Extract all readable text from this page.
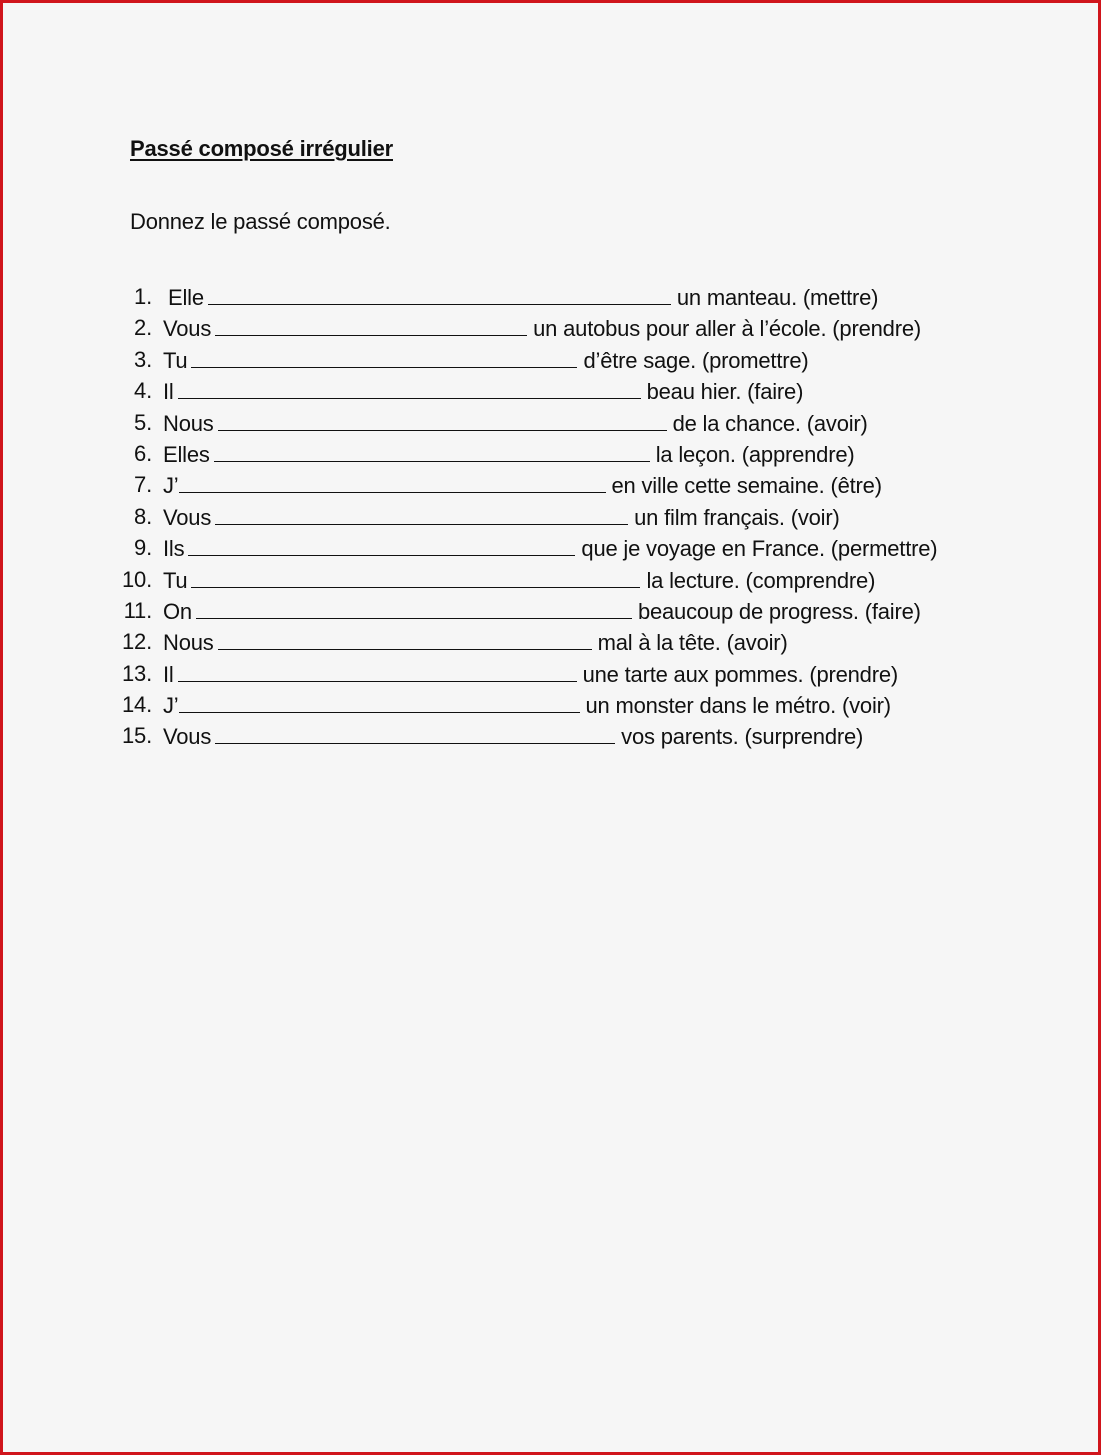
Passé composé irrégulier

Donnez le passé composé.

1. Elle	un manteau. (mettre)
2. Vous	un autobus pour aller à l’école. (prendre)
3. Tu	d’être sage. (promettre)
4. Il	beau hier. (faire)
5. Nous	de la chance. (avoir)
6. Elles	la leçon. (apprendre)
7. J’	en ville cette semaine. (être)
8. Vous	un film français. (voir)
9. Ils	que je voyage en France. (permettre)
10. Tu	la lecture. (comprendre)
11. On	beaucoup de progress. (faire)
12. Nous	mal à la tête. (avoir)
13. Il	une tarte aux pommes. (prendre)
14. J’	un monster dans le métro. (voir)
15. Vous	vos parents. (surprendre)
